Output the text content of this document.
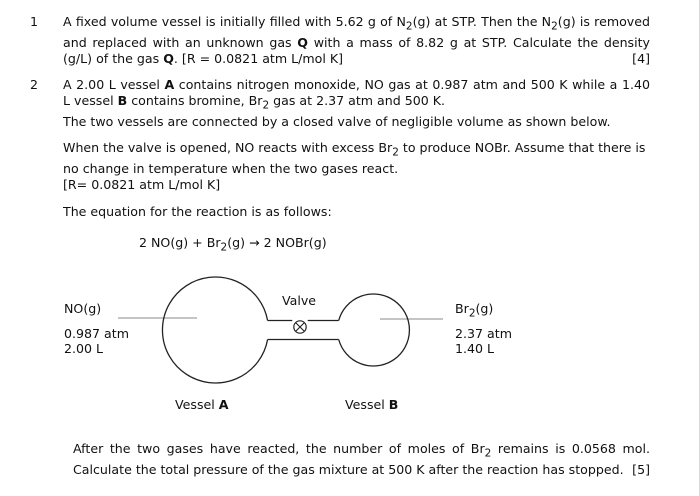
1 A fixed volume vessel is initially filled with 5.62 g of $N_2(g)$ at STP. Then the $N_2(g)$ is removed and replaced with an unknown gas Q with a mass of 8.82 g at STP. Calculate the density (g/L) of the gas Q. [R = 0.0821 atm L/mol K]	[4]
2 A 2.00 L vessel A contains nitrogen monoxide, NO gas at 0.987 atm and 500 K while a 1.40 L vessel B contains bromine, $Br_2$ gas at 2.37 atm and 500 K.
The two vessels are connected by a closed valve of negligible volume as shown below.
When the valve is opened, NO reacts with excess $Br_2$ to produce NOBr. Assume that there is no change in temperature when the two gases react.
[R= 0.0821 atm L/mol K]
The equation for the reaction is as follows:
2 $NO(g) + Br_2(g) \to 2$ NOBr(g)
Valve
NO(g)
0.987 atm
2.00 L
$Br_2(g)$
2.37 atm
1.40 L
Vessel A	Vessel B
After the two gases have reacted, the number of moles of $Br_2$ remains is 0.0568 mol. Calculate the total pressure of the gas mixture at 500 K after the reaction has stopped. [5]
